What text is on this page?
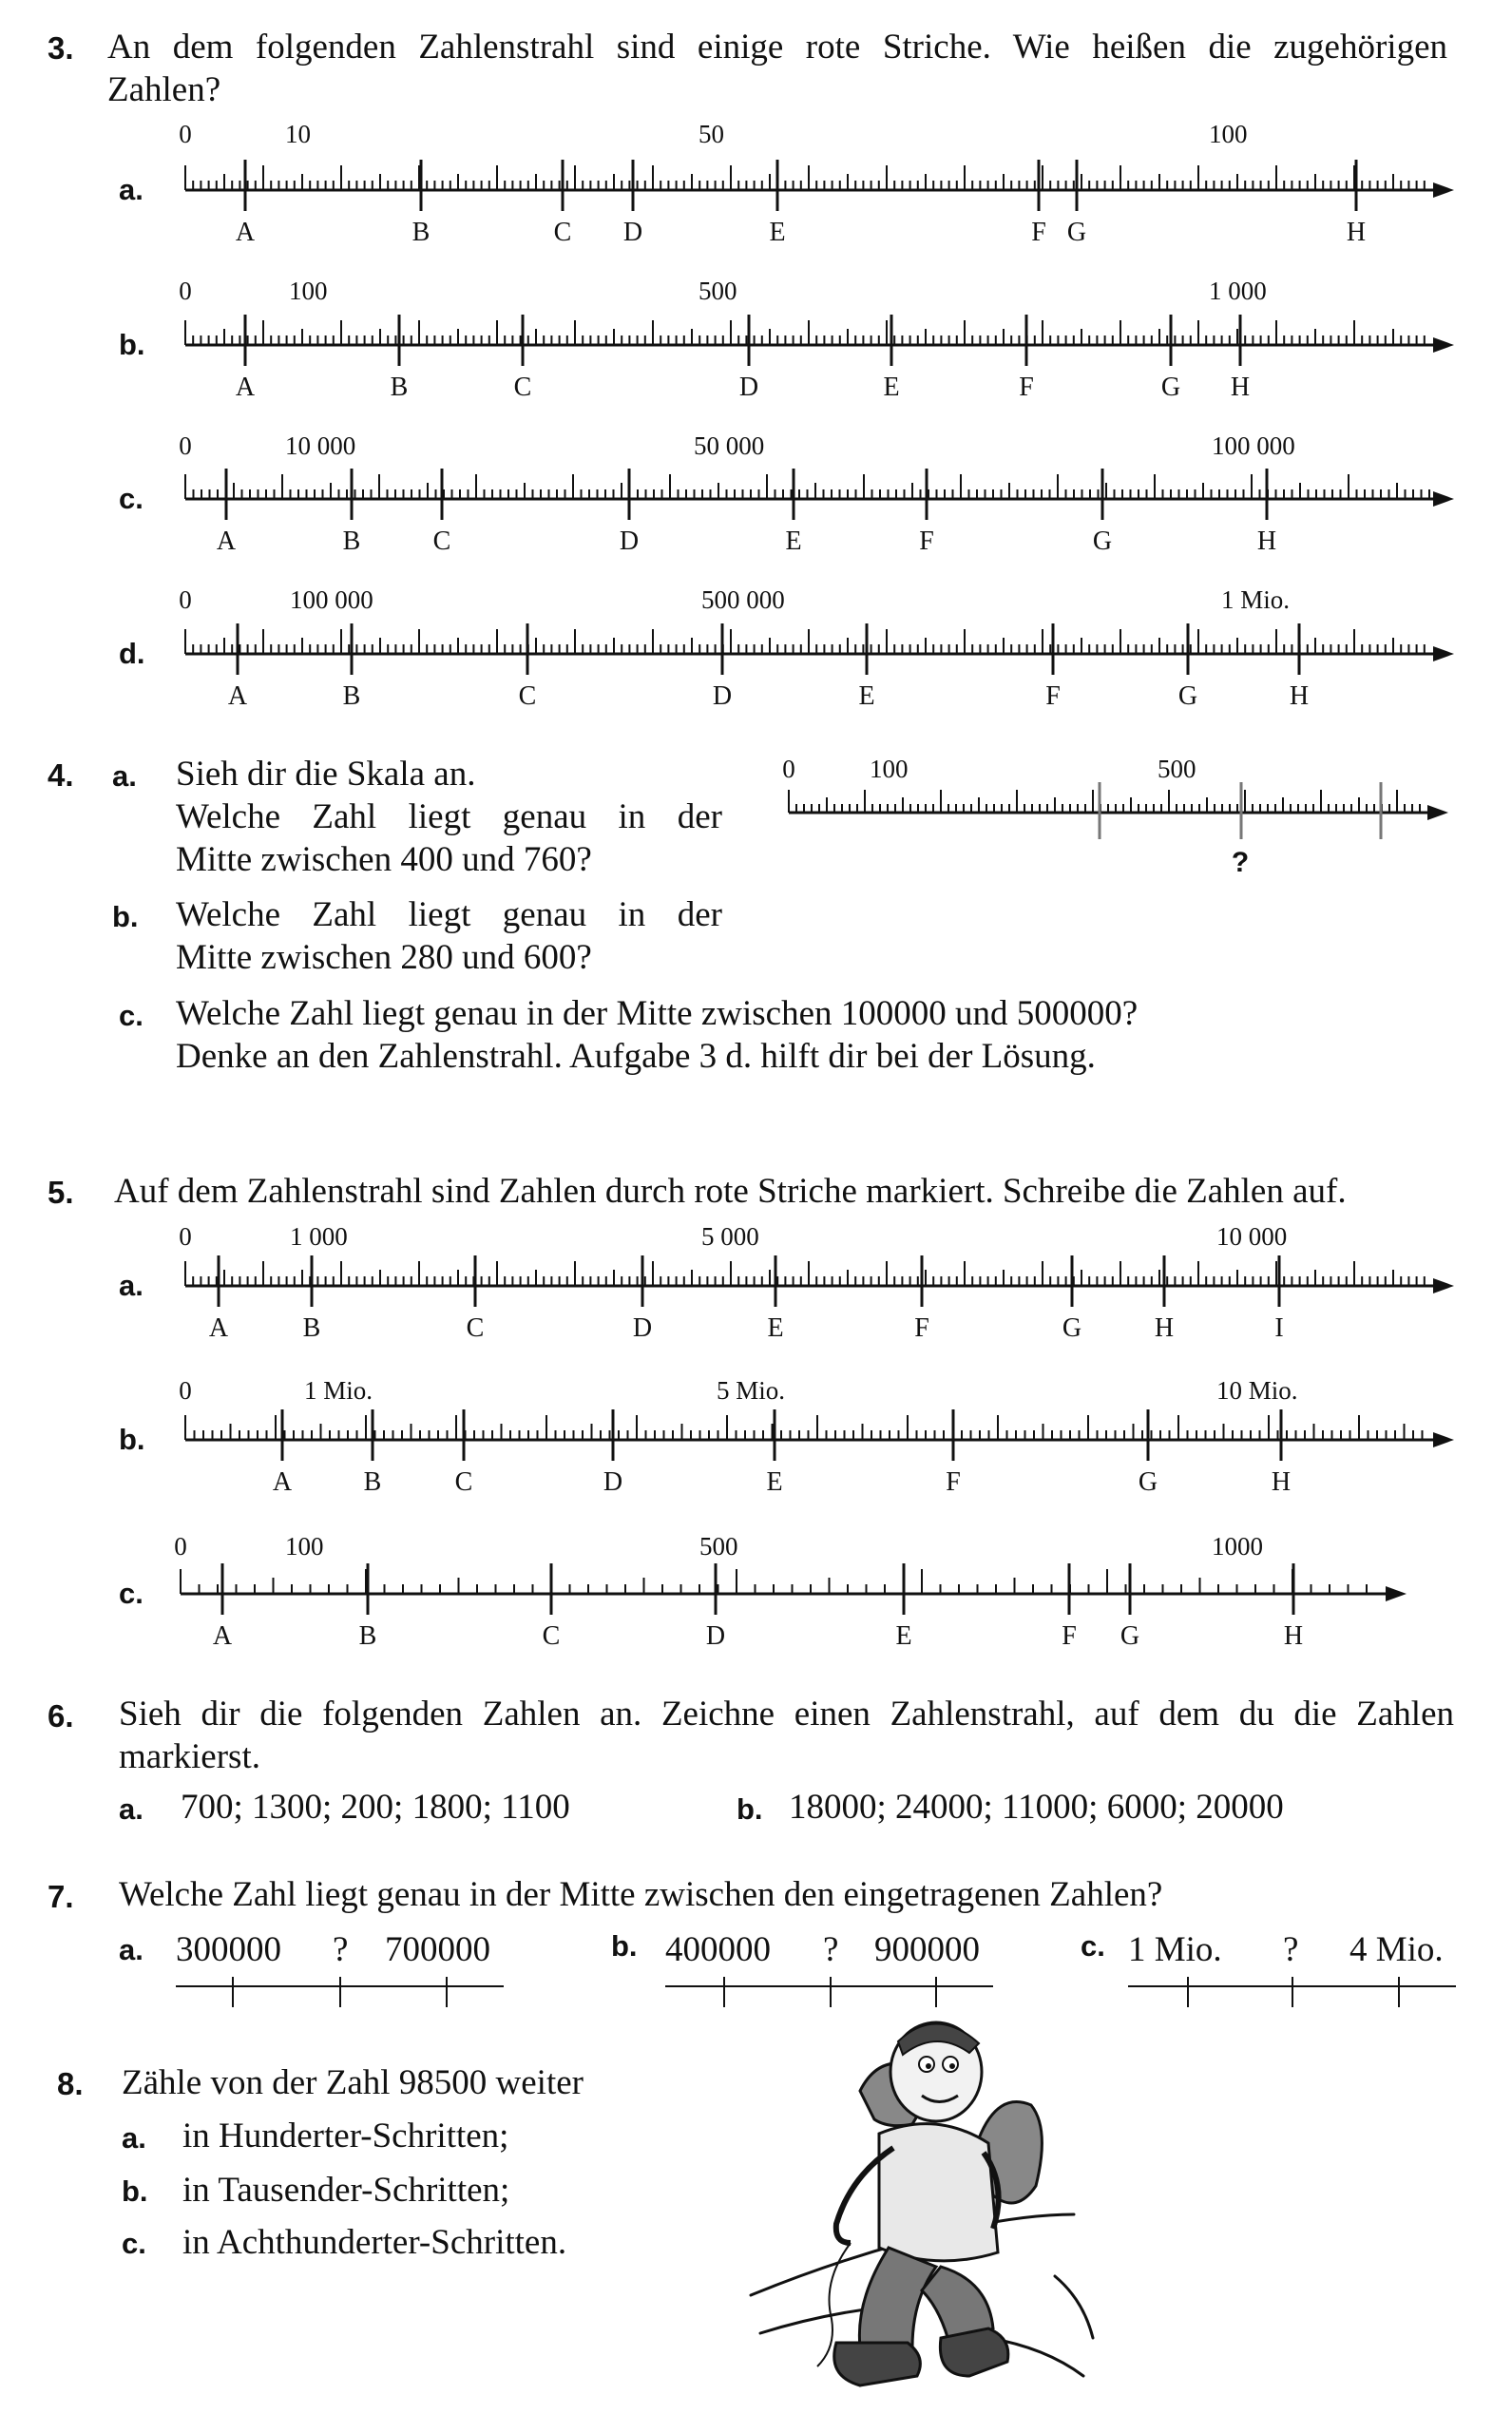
3. An dem folgenden Zahlenstrahl sind einige rote Striche. Wie heißen die zugehörigen
Zahlen?
4. a. Sieh dir die Skala an.
Welche Zahl liegt genau in der
Mitte zwischen 400 und 760?
b. Welche Zahl liegt genau in der
Mitte zwischen 280 und 600?
c. Welche Zahl liegt genau in der Mitte zwischen 100000 und 500000?
Denke an den Zahlenstrahl. Aufgabe 3 d. hilft dir bei der Lösung.
5. Auf dem Zahlenstrahl sind Zahlen durch rote Striche markiert. Schreibe die Zahlen auf.
6. Sieh dir die folgenden Zahlen an. Zeichne einen Zahlenstrahl, auf dem du die Zahlen
markierst.
a. 700; 1300; 200; 1800; 1100	b. 18000; 24000; 11000; 6000; 20000
7. Welche Zahl liegt genau in der Mitte zwischen den eingetragenen Zahlen?
a. 300000 ? 700000	b. 400000 ? 900000	c. 1 Mio. ? 4 Mio.
8. Zähle von der Zahl 98500 weiter
a. in Hunderter-Schritten;
b. in Tausender-Schritten;
c. in Achthunderter-Schritten.
a.
0	10	50	100
A	B	C D	E	F G	H
b.
0	100	500	1 000
A	B	C	D	E	F	G H
c.
0	10 000	50 000	100 000
A	B	C	D	E	F	G	H
d.
0	100 000	500 000	1 Mio.
A	B	C	D	E	F	G	H
a.
0	1 000	5 000	10 000
A	B	C	D	E	F	G	H	I
b.
0	1 Mio.	5 Mio.	10 Mio.
A	B	C	D	E	F	G	H
c.
0	100	500	1000
A	B	C	D	E	F G	H
0	100	500
?
